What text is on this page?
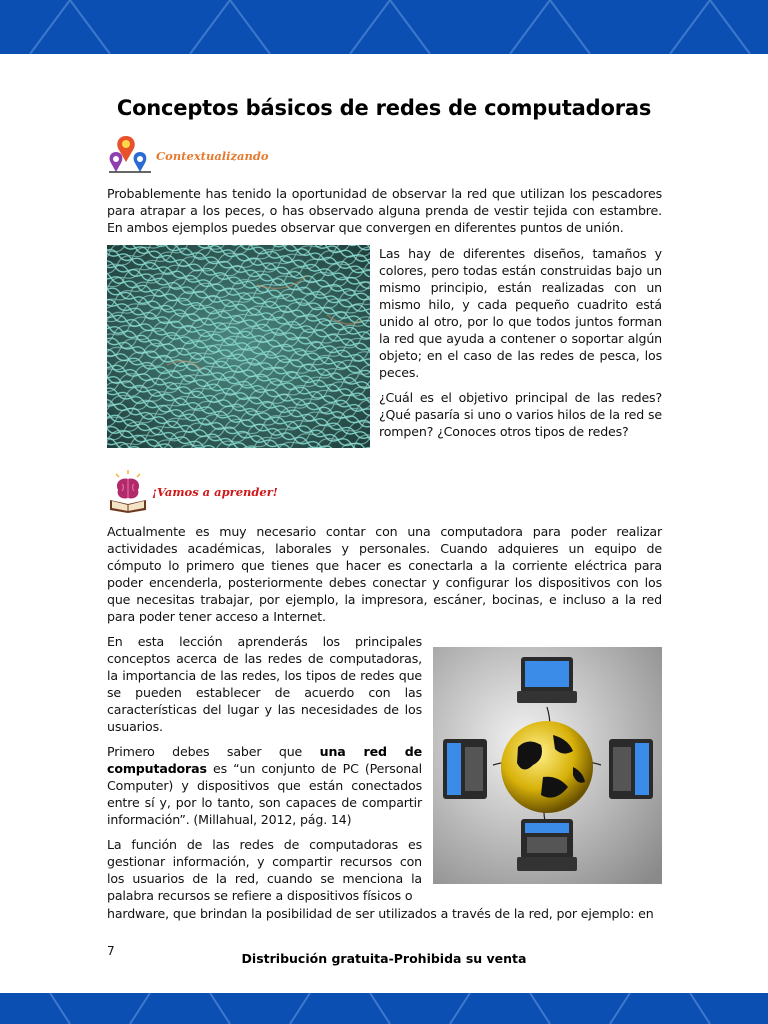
Conceptos básicos de redes de computadoras
Contextualizando

Probablemente has tenido la oportunidad de observar la red que utilizan los pescadores para atrapar a los peces, o has observado alguna prenda de vestir tejida con estambre. En ambos ejemplos puedes observar que convergen en diferentes puntos de unión.

Las hay de diferentes diseños, tamaños y colores, pero todas están construidas bajo un mismo principio, están realizadas con un mismo hilo, y cada pequeño cuadrito está unido al otro, por lo que todos juntos forman la red que ayuda a contener o soportar algún objeto; en el caso de las redes de pesca, los peces.

¿Cuál es el objetivo principal de las redes? ¿Qué pasaría si uno o varios hilos de la red se rompen? ¿Conoces otros tipos de redes?

¡Vamos a aprender!

Actualmente es muy necesario contar con una computadora para poder realizar actividades académicas, laborales y personales. Cuando adquieres un equipo de cómputo lo primero que tienes que hacer es conectarla a la corriente eléctrica para poder encenderla, posteriormente debes conectar y configurar los dispositivos con los que necesitas trabajar, por ejemplo, la impresora, escáner, bocinas, e incluso a la red para poder tener acceso a Internet.

En esta lección aprenderás los principales conceptos acerca de las redes de computadoras, la importancia de las redes, los tipos de redes que se pueden establecer de acuerdo con las características del lugar y las necesidades de los usuarios.

Primero debes saber que una red de computadoras es “un conjunto de PC (Personal Computer) y dispositivos que están conectados entre sí y, por lo tanto, son capaces de compartir información”. (Millahual, 2012, pág. 14)

La función de las redes de computadoras es gestionar información, y compartir recursos con los usuarios de la red, cuando se menciona la palabra recursos se refiere a dispositivos físicos o

hardware, que brindan la posibilidad de ser utilizados a través de la red, por ejemplo: en

7	Distribución gratuita-Prohibida su venta
